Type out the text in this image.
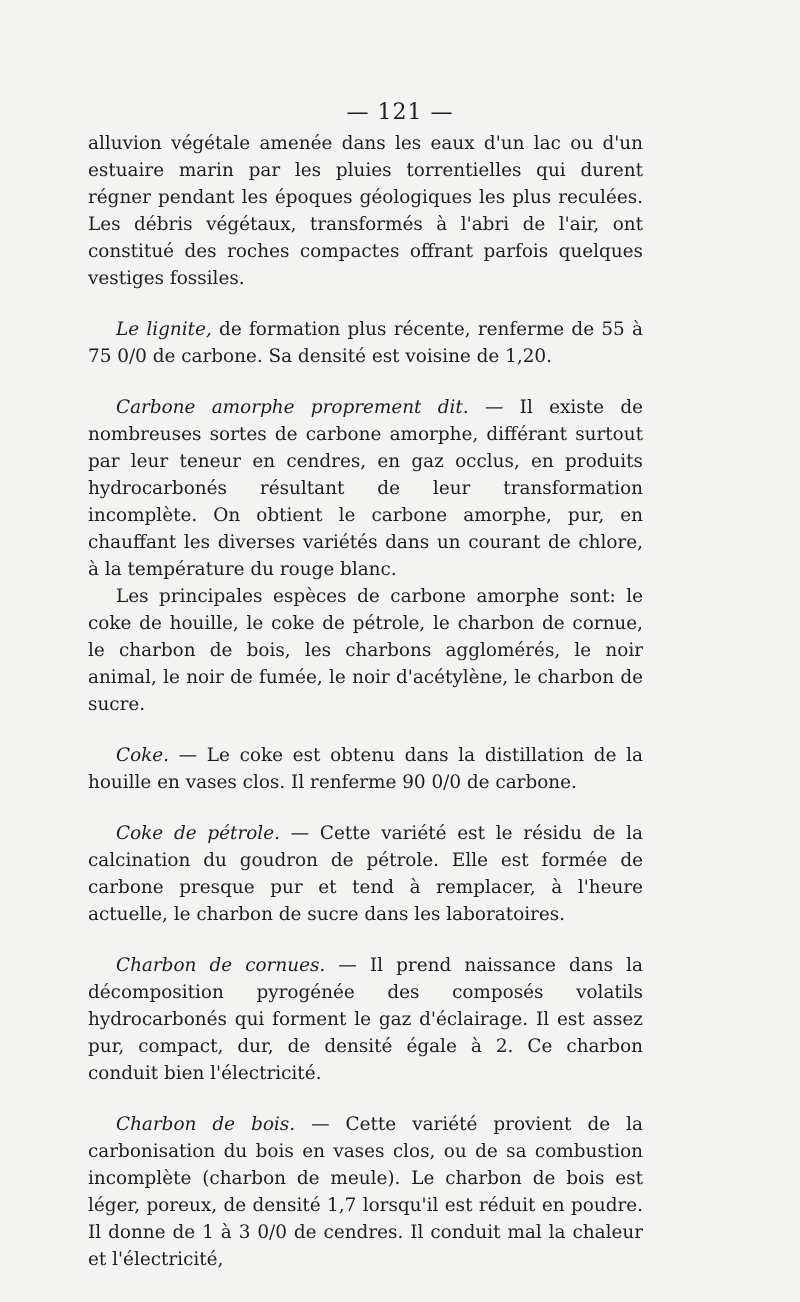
— 121 —

alluvion végétale amenée dans les eaux d'un lac ou d'un estuaire marin par les pluies torrentielles qui durent régner pendant les époques géologiques les plus reculées. Les débris végétaux, transformés à l'abri de l'air, ont constitué des roches compactes offrant parfois quelques vestiges fossiles.

Le lignite, de formation plus récente, renferme de 55 à 75 0/0 de carbone. Sa densité est voisine de 1,20.

Carbone amorphe proprement dit. — Il existe de nombreuses sortes de carbone amorphe, différant surtout par leur teneur en cendres, en gaz occlus, en produits hydrocarbonés résultant de leur transformation incomplète. On obtient le carbone amorphe, pur, en chauffant les diverses variétés dans un courant de chlore, à la température du rouge blanc.

Les principales espèces de carbone amorphe sont: le coke de houille, le coke de pétrole, le charbon de cornue, le charbon de bois, les charbons agglomérés, le noir animal, le noir de fumée, le noir d'acétylène, le charbon de sucre.

Coke. — Le coke est obtenu dans la distillation de la houille en vases clos. Il renferme 90 0/0 de carbone.

Coke de pétrole. — Cette variété est le résidu de la calcination du goudron de pétrole. Elle est formée de carbone presque pur et tend à remplacer, à l'heure actuelle, le charbon de sucre dans les laboratoires.

Charbon de cornues. — Il prend naissance dans la décomposition pyrogénée des composés volatils hydrocarbonés qui forment le gaz d'éclairage. Il est assez pur, compact, dur, de densité égale à 2. Ce charbon conduit bien l'électricité.

Charbon de bois. — Cette variété provient de la carbonisation du bois en vases clos, ou de sa combustion incomplète (charbon de meule). Le charbon de bois est léger, poreux, de densité 1,7 lorsqu'il est réduit en poudre. Il donne de 1 à 3 0/0 de cendres. Il conduit mal la chaleur et l'électricité,
